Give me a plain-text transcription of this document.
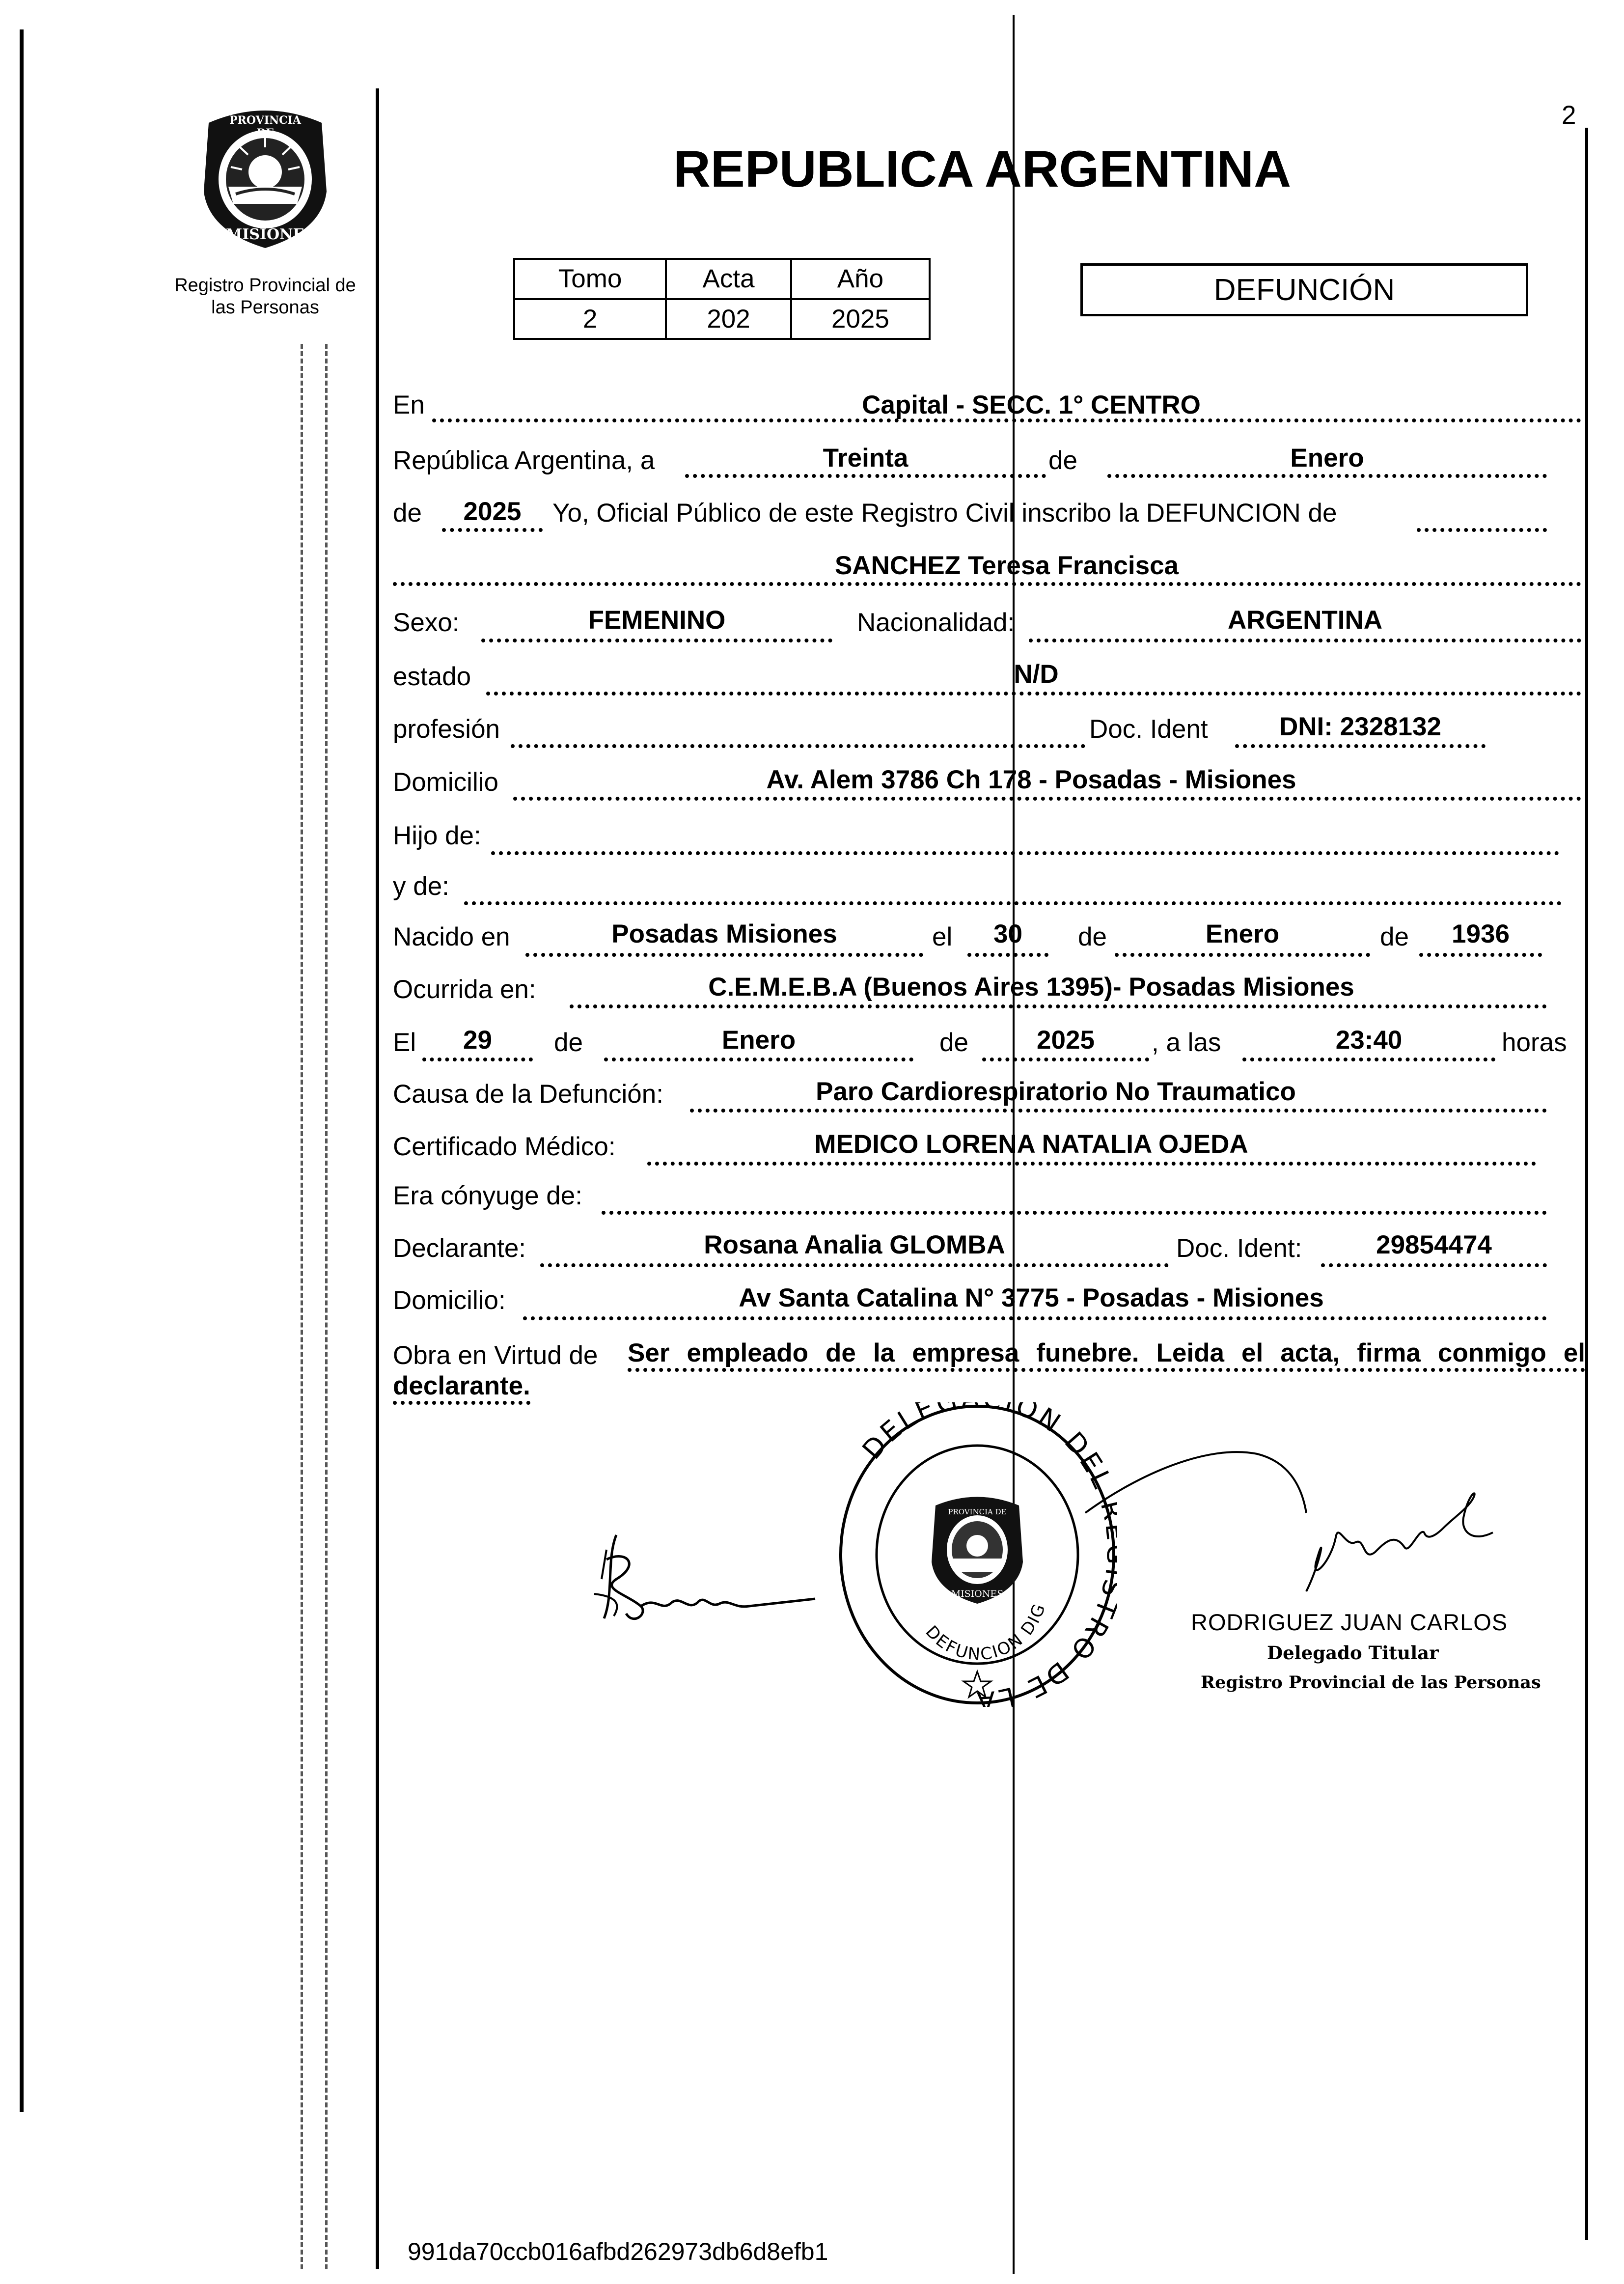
2
PROVINCIA DE
MISIONES
Registro Provincial de
las Personas
REPUBLICA ARGENTINA
Tomo	Acta	Año
2	202	2025
DEFUNCIÓN
En	Capital - SECC. 1° CENTRO
República Argentina, a	Treinta	de	Enero
de	2025	Yo, Oficial Público de este Registro Civil inscribo la DEFUNCION de
SANCHEZ Teresa Francisca
Sexo:	FEMENINO	Nacionalidad:	ARGENTINA
estado	N/D
profesión	Doc. Ident	DNI: 2328132
Domicilio	Av. Alem 3786 Ch 178 - Posadas - Misiones
Hijo de:
y de:
Nacido en	Posadas Misiones	el	30	de	Enero	de	1936
Ocurrida en:	C.E.M.E.B.A (Buenos Aires 1395)- Posadas Misiones
El	29	de	Enero	de	2025	, a las	23:40	horas
Causa de la Defunción:	Paro Cardiorespiratorio No Traumatico
Certificado Médico:	MEDICO LORENA NATALIA OJEDA
Era cónyuge de:
Declarante:	Rosana Analia GLOMBA	Doc. Ident:	29854474
Domicilio:	Av Santa Catalina N° 3775 - Posadas - Misiones
Obra en Virtud de Ser empleado de la empresa funebre. Leida el acta, firma conmigo el
declarante.
DELE IÓN DEL RO DE LA
DEFUNCION DIG
PROVINCIA DE
MISIONES
RODRIGUEZ JUAN CARLOS
Delegado Titular
Registro Provincial de las Personas
991da70ccb016afbd262973db6d8efb1
